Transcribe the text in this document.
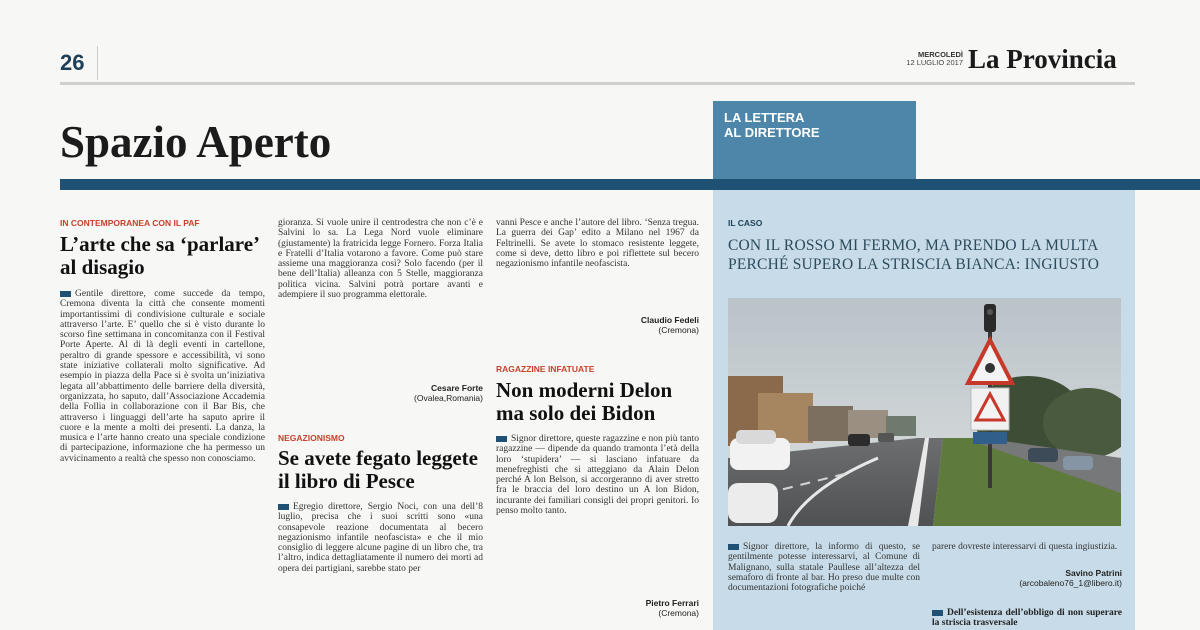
26	MERCOLEDÌ
12 LUGLIO 2017 La Provincia
Spazio Aperto	LA LETTERA
AL DIRETTORE
IN CONTEMPORANEA CON IL PAF
L’arte che sa ‘parlare’ al disagio
Gentile direttore, come succede da tempo, Cremona diventa la città che consente momenti importantissimi di condivisione culturale e sociale attraverso l’arte. E’ quello che si è visto durante lo scorso fine settimana in concomitanza con il Festival Porte Aperte. Al di là degli eventi in cartellone, peraltro di grande spessore e accessibilità, vi sono state iniziative collaterali molto significative. Ad esempio in piazza della Pace si è svolta un’iniziativa legata all’abbattimento delle barriere della diversità, organizzata, ho saputo, dall’Associazione Accademia della Follia in collaborazione con il Bar Bis, che attraverso i linguaggi dell’arte ha saputo aprire il cuore e la mente a molti dei presenti. La danza, la musica e l’arte hanno creato una speciale condizione di partecipazione, informazione che ha permesso un avvicinamento a realtà che spesso non conosciamo.
gioranza. Si vuole unire il centrodestra che non c’è e Salvini lo sa. La Lega Nord vuole eliminare (giustamente) la fratricida legge Fornero. Forza Italia e Fratelli d’Italia votarono a favore. Come può stare assieme una maggioranza così? Solo facendo (per il bene dell’Italia) alleanza con 5 Stelle, maggioranza politica vicina. Salvini potrà portare avanti e adempiere il suo programma elettorale.
Cesare Forte
(Ovalea,Romania)
NEGAZIONISMO
Se avete fegato leggete il libro di Pesce
Egregio direttore, Sergio Noci, con una dell’8 luglio, precisa che i suoi scritti sono «una consapevole reazione documentata al becero negazionismo infantile neofascista» e che il mio consiglio di leggere alcune pagine di un libro che, tra l’altro, indica dettagliatamente il numero dei morti ad opera dei partigiani, sarebbe stato per
vanni Pesce e anche l’autore del libro. ‘Senza tregua. La guerra dei Gap’ edito a Milano nel 1967 da Feltrinelli. Se avete lo stomaco resistente leggete, come si deve, detto libro e poi riflettete sul becero negazionismo infantile neofascista.
Claudio Fedeli
(Cremona)
RAGAZZINE INFATUATE
Non moderni Delon ma solo dei Bidon
Signor direttore, queste ragazzine e non più tanto ragazzine — dipende da quando tramonta l’età della loro ‘stupidera’ — si lasciano infatuare da menefreghisti che si atteggiano da Alain Delon perché A lon Belson, si accorgeranno di aver stretto fra le braccia del loro destino un A lon Bidon, incurante dei familiari consigli dei propri genitori. Io penso molto tanto.
Pietro Ferrari
(Cremona)
IL CASO
CON IL ROSSO MI FERMO, MA PRENDO LA MULTA PERCHÉ SUPERO LA STRISCIA BIANCA: INGIUSTO
Signor direttore, la informo di questo, se gentilmente potesse interessarvi, al Comune di Malignano, sulla statale Paullese all’altezza del semaforo di fronte al bar. Ho preso due multe con documentazioni fotografiche poiché
parere dovreste interessarvi di questa ingiustizia.
Savino Patrini
(arcobaleno76_1@libero.it)
Dell’esistenza dell’obbligo di non superare la striscia trasversale
